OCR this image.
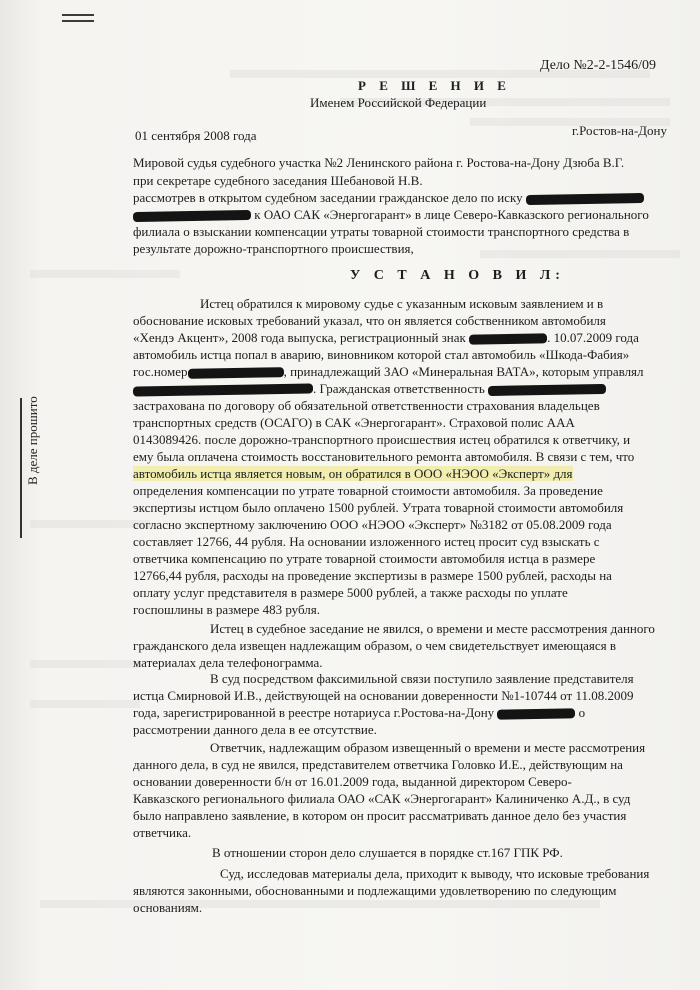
Дело №2-2-1546/09
Р Е Ш Е Н И Е
Именем Российской Федерации
01 сентября 2008 года	г.Ростов-на-Дону
Мировой судья судебного участка №2 Ленинского района г. Ростова-на-Дону Дзюба В.Г.
при секретаре судебного заседания Шебановой Н.В.
рассмотрев в открытом судебном заседании гражданское дело по иску
к ОАО САК «Энергогарант» в лице Северо-Кавказского регионального
филиала о взыскании компенсации утраты товарной стоимости транспортного средства в
результате дорожно-транспортного происшествия,
У С Т А Н О В И Л:
Истец обратился к мировому судье с указанным исковым заявлением и в
обоснование исковых требований указал, что он является собственником автомобиля
«Хендэ Акцент», 2008 года выпуска, регистрационный знак	. 10.07.2009 года
автомобиль истца попал в аварию, виновником которой стал автомобиль «Шкода-Фабия»
гос.номер	, принадлежащий ЗАО «Минеральная ВАТА», которым управлял
. Гражданская ответственность
застрахована по договору об обязательной ответственности страхования владельцев
транспортных средств (ОСАГО) в САК «Энергогарант». Страховой полис ААА
0143089426. после дорожно-транспортного происшествия истец обратился к ответчику, и
ему была оплачена стоимость восстановительного ремонта автомобиля. В связи с тем, что
автомобиль истца является новым, он обратился в ООО «НЭОО «Эксперт» для
определения компенсации по утрате товарной стоимости автомобиля. За проведение
экспертизы истцом было оплачено 1500 рублей. Утрата товарной стоимости автомобиля
согласно экспертному заключению ООО «НЭОО «Эксперт» №3182 от 05.08.2009 года
составляет 12766, 44 рубля. На основании изложенного истец просит суд взыскать с
ответчика компенсацию по утрате товарной стоимости автомобиля истца в размере
12766,44 рубля, расходы на проведение экспертизы в размере 1500 рублей, расходы на
оплату услуг представителя в размере 5000 рублей, а также расходы по уплате
госпошлины в размере 483 рубля.
Истец в судебное заседание не явился, о времени и месте рассмотрения данного
гражданского дела извещен надлежащим образом, о чем свидетельствует имеющаяся в
материалах дела телефонограмма.
В суд посредством факсимильной связи поступило заявление представителя
истца Смирновой И.В., действующей на основании доверенности №1-10744 от 11.08.2009
года, зарегистрированной в реестре нотариуса г.Ростова-на-Дону	о
рассмотрении данного дела в ее отсутствие.
Ответчик, надлежащим образом извещенный о времени и месте рассмотрения
данного дела, в суд не явился, представителем ответчика Головко И.Е., действующим на
основании доверенности б/н от 16.01.2009 года, выданной директором Северо-
Кавказского регионального филиала ОАО «САК «Энергогарант» Калиниченко А.Д., в суд
было направлено заявление, в котором он просит рассматривать данное дело без участия
ответчика.
В отношении сторон дело слушается в порядке ст.167 ГПК РФ.
Суд, исследовав материалы дела, приходит к выводу, что исковые требования
являются законными, обоснованными и подлежащими удовлетворению по следующим
основаниям.
В деле прошито
